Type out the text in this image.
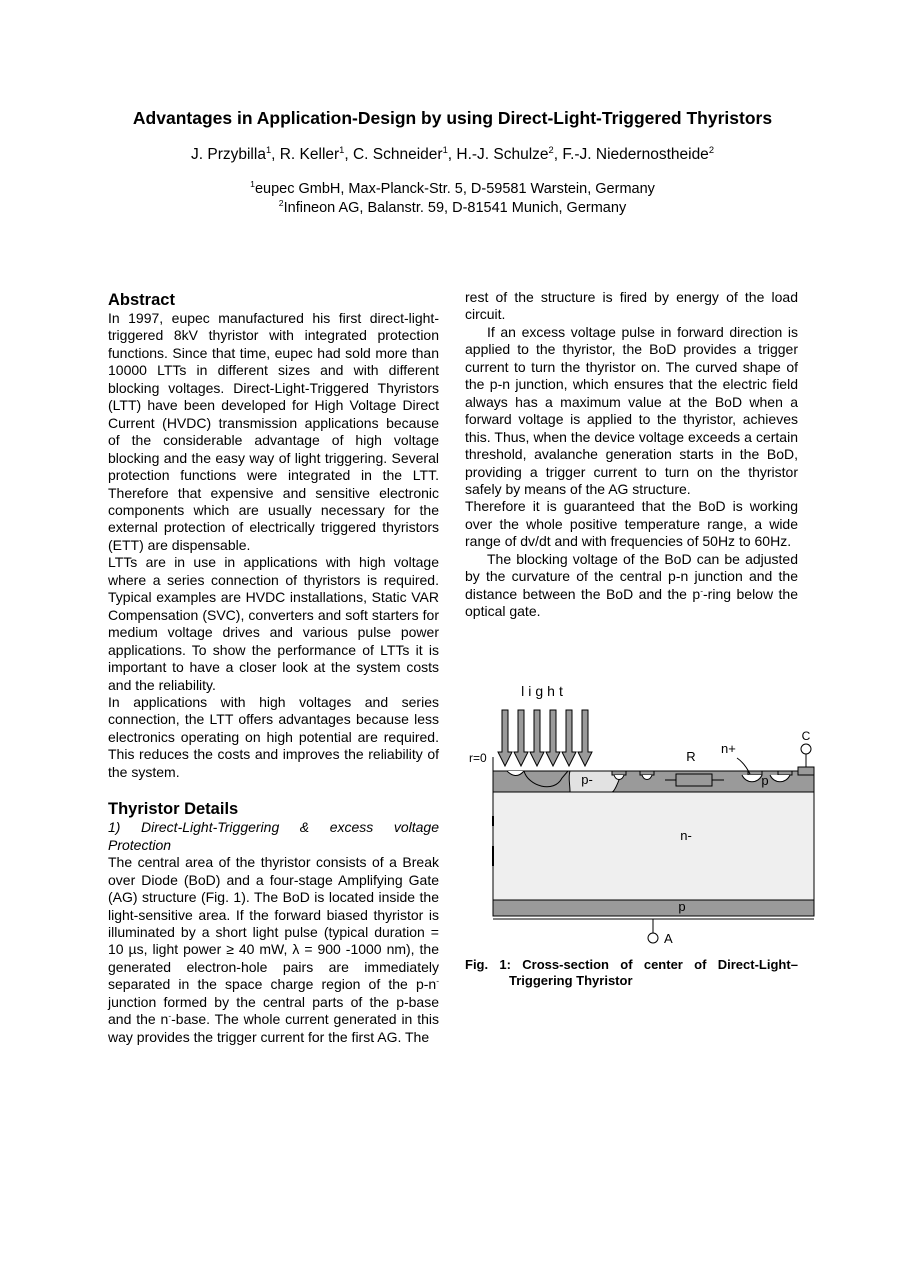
Advantages in Application-Design by using Direct-Light-Triggered Thyristors
J. Przybilla$^1$, R. Keller$^1$, C. Schneider$^1$, H.-J. Schulze$^2$, F.-J. Niedernostheide$^2$
$^1$eupec GmbH, Max-Planck-Str. 5, D-59581 Warstein, Germany
$^2$Infineon AG, Balanstr. 59, D-81541 Munich, Germany
Abstract

In 1997, eupec manufactured his first direct-light-triggered 8kV thyristor with integrated protection functions. Since that time, eupec had sold more than 10000 LTTs in different sizes and with different blocking voltages. Direct-Light-Triggered Thyristors (LTT) have been developed for High Voltage Direct Current (HVDC) transmission applications because of the considerable advantage of high voltage blocking and the easy way of light triggering. Several protection functions were integrated in the LTT. Therefore that expensive and sensitive electronic components which are usually necessary for the external protection of electrically triggered thyristors (ETT) are dispensable.

LTTs are in use in applications with high voltage where a series connection of thyristors is required. Typical examples are HVDC installations, Static VAR Compensation (SVC), converters and soft starters for medium voltage drives and various pulse power applications. To show the performance of LTTs it is important to have a closer look at the system costs and the reliability.

In applications with high voltages and series connection, the LTT offers advantages because less electronics operating on high potential are required. This reduces the costs and improves the reliability of the system.

Thyristor Details

1) Direct-Light-Triggering & excess voltage Protection

The central area of the thyristor consists of a Break over Diode (BoD) and a four-stage Amplifying Gate (AG) structure (Fig. 1). The BoD is located inside the light-sensitive area. If the forward biased thyristor is illuminated by a short light pulse (typical duration = 10 µs, light power ≥ 40 mW, λ = 900 -1000 nm), the generated electron-hole pairs are immediately separated in the space charge region of the p-n- junction formed by the central parts of the p-base and the n--base. The whole current generated in this way provides the trigger current for the first AG. The

rest of the structure is fired by energy of the load circuit.

If an excess voltage pulse in forward direction is applied to the thyristor, the BoD provides a trigger current to turn the thyristor on. The curved shape of the p-n junction, which ensures that the electric field always has a maximum value at the BoD when a forward voltage is applied to the thyristor, achieves this. Thus, when the device voltage exceeds a certain threshold, avalanche generation starts in the BoD, providing a trigger current to turn on the thyristor safely by means of the AG structure.

Therefore it is guaranteed that the BoD is working over the whole positive temperature range, a wide range of dv/dt and with frequencies of 50Hz to 60Hz.

The blocking voltage of the BoD can be adjusted by the curvature of the central p-n junction and the distance between the BoD and the p--ring below the optical gate.

light
r=0	R
n+
p-	p
n-
C
p
A
Fig. 1: Cross-section of center of Direct-Light–
Triggering Thyristor
